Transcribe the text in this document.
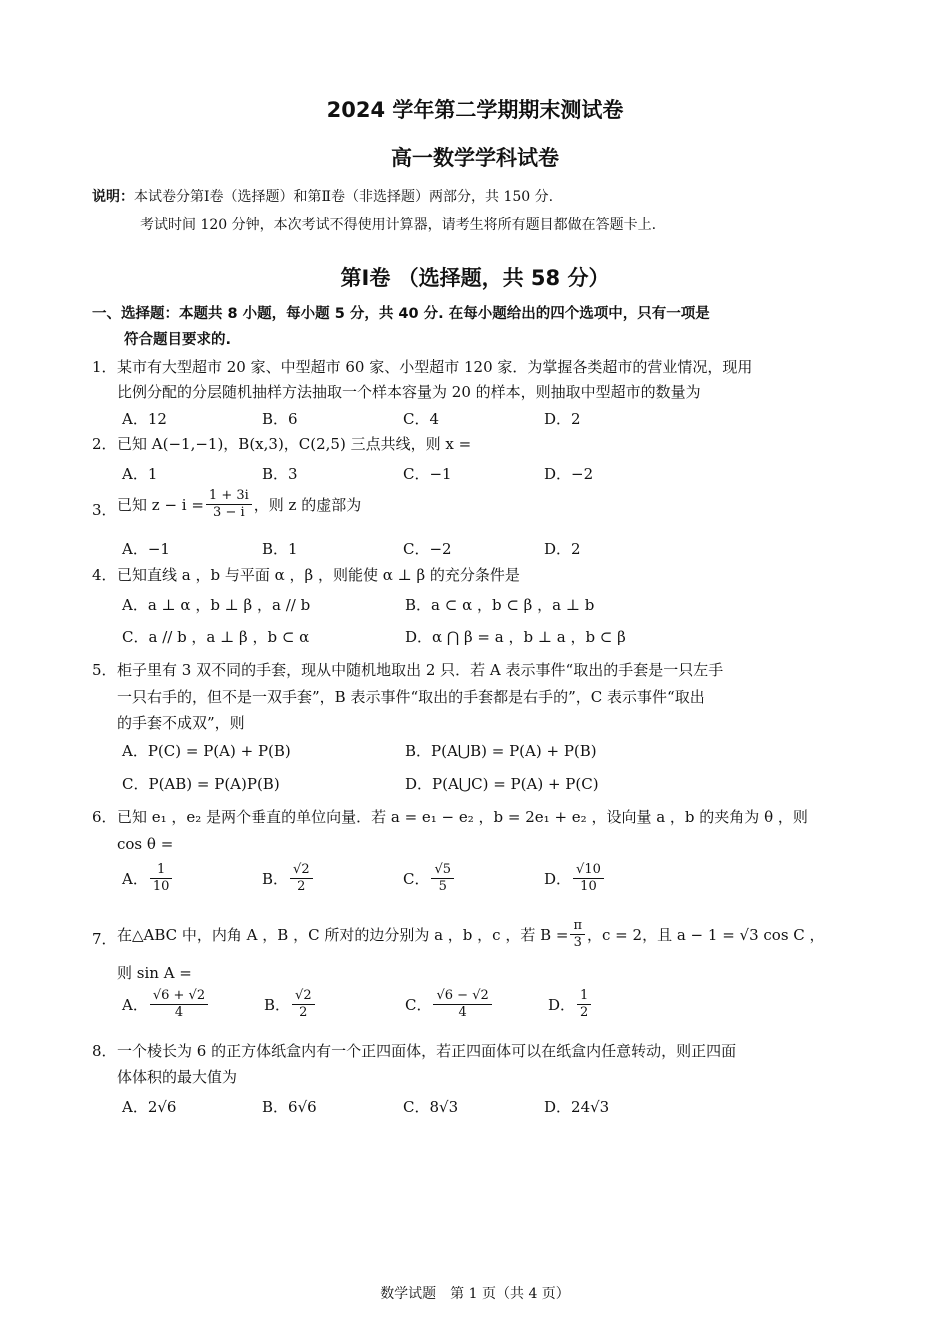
2024 学年第二学期期末测试卷
高一数学学科试卷
说明：本试卷分第Ⅰ卷（选择题）和第Ⅱ卷（非选择题）两部分，共 150 分.
考试时间 120 分钟，本次考试不得使用计算器，请考生将所有题目都做在答题卡上.
第Ⅰ卷 （选择题，共 58 分）
一、选择题：本题共 8 小题，每小题 5 分，共 40 分. 在每小题给出的四个选项中，只有一项是
符合题目要求的.
1． 某市有大型超市 20 家、中型超市 60 家、小型超市 120 家．为掌握各类超市的营业情况，现用
比例分配的分层随机抽样方法抽取一个样本容量为 20 的样本，则抽取中型超市的数量为
A．12	B．6	C．4	D．2
2． 已知 A(−1,−1)，B(x,3)，C(2,5) 三点共线，则 x =
A．1	B．3	C．−1	D．−2
3． 已知 $z - i = \frac{1 + 3i}{3 - i}$ ，则 z 的虚部为
A．−1	B．1	C．−2	D．2
4． 已知直线 a ，b 与平面 α ，β ，则能使 α ⊥ β 的充分条件是
A．a ⊥ α ，b ⊥ β ，a // b	B．a ⊂ α ，b ⊂ β ，a ⊥ b
C．a // b ，a ⊥ β ，b ⊂ α	D．α ⋂ β = a ，b ⊥ a ，b ⊂ β
5． 柜子里有 3 双不同的手套，现从中随机地取出 2 只．若 A 表示事件“取出的手套是一只左手
一只右手的，但不是一双手套”，B 表示事件“取出的手套都是右手的”，C 表示事件“取出
的手套不成双”，则
A．P(C) = P(A) + P(B)	B．P(A⋃B) = P(A) + P(B)
C．P(AB) = P(A)P(B)	D．P(A⋃C) = P(A) + P(C)
6． 已知 e₁ ，e₂ 是两个垂直的单位向量．若 a = e₁ − e₂ ，b = 2e₁ + e₂ ，设向量 a ，b 的夹角为 θ ，则
cos θ =
A． $\frac{1}{10}$	B． $\frac{√2}{2}$	C． $\frac{√5}{5}$	D． $\frac{√10}{10}$
7． 在△ABC 中，内角 A ，B ，C 所对的边分别为 a ，b ，c ，若 $B = \frac{\pi}{3}$ ，c = 2，且 a − 1 = √3 cos C ，
则 sin A =
A． $\frac{√6 + √2}{4}$	B． $\frac{√2}{2}$	C． $\frac{√6 - √2}{4}$	D． $\frac{1}{2}$
8． 一个棱长为 6 的正方体纸盒内有一个正四面体，若正四面体可以在纸盒内任意转动，则正四面
体体积的最大值为
A．2√6	B．6√6	C．8√3	D．24√3
数学试题　第 1 页（共 4 页）
